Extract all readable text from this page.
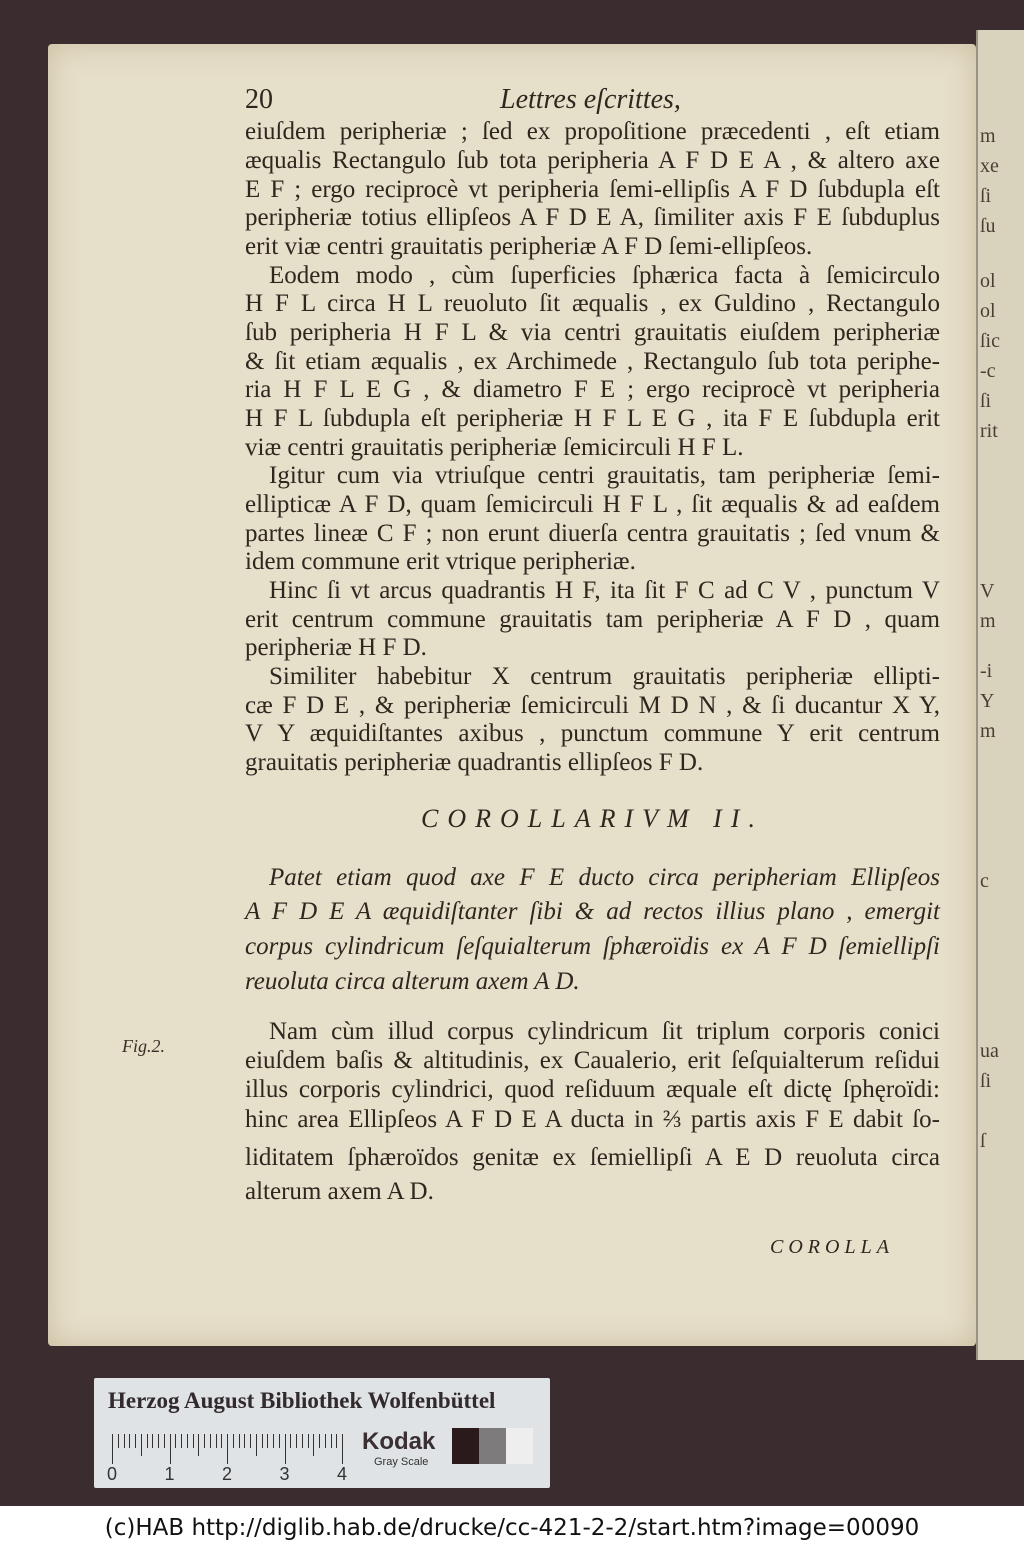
m
xe
ſi
ſu
ol
ol
ſic
-c
ſi
rit
V
m
-i
Y
m
c
ua
ſi
ſ
20	Lettres eſcrittes,
eiuſdem peripheriæ ; ſed ex propoſitione præcedenti , eſt etiam
æqualis Rectangulo ſub tota peripheria A F D E A , & altero axe
E F ; ergo reciprocè vt peripheria ſemi-ellipſis A F D ſubdupla eſt
peripheriæ totius ellipſeos A F D E A, ſimiliter axis F E ſubduplus
erit viæ centri grauitatis peripheriæ A F D ſemi-ellipſeos.
Eodem modo , cùm ſuperficies ſphærica facta à ſemicirculo
H F L circa H L reuoluto ſit æqualis , ex Guldino , Rectangulo
ſub peripheria H F L & via centri grauitatis eiuſdem peripheriæ
& ſit etiam æqualis , ex Archimede , Rectangulo ſub tota periphe-
ria H F L E G , & diametro F E ; ergo reciprocè vt peripheria
H F L ſubdupla eſt peripheriæ H F L E G , ita F E ſubdupla erit
viæ centri grauitatis peripheriæ ſemicirculi H F L.
Igitur cum via vtriuſque centri grauitatis, tam peripheriæ ſemi-
ellipticæ A F D, quam ſemicirculi H F L , ſit æqualis & ad eaſdem
partes lineæ C F ; non erunt diuerſa centra grauitatis ; ſed vnum &
idem commune erit vtrique peripheriæ.
Hinc ſi vt arcus quadrantis H F, ita ſit F C ad C V , punctum V
erit centrum commune grauitatis tam peripheriæ A F D , quam
peripheriæ H F D.
Similiter habebitur X centrum grauitatis peripheriæ ellipti-
cæ F D E , & peripheriæ ſemicirculi M D N , & ſi ducantur X Y,
V Y æquidiſtantes axibus , punctum commune Y erit centrum
grauitatis peripheriæ quadrantis ellipſeos F D.
COROLLARIVM II.
Patet etiam quod axe F E ducto circa peripheriam Ellipſeos
A F D E A æquidiſtanter ſibi & ad rectos illius plano , emergit
corpus cylindricum ſeſquialterum ſphæroïdis ex A F D ſemiellipſi
reuoluta circa alterum axem A D.
Nam cùm illud corpus cylindricum ſit triplum corporis conici
eiuſdem baſis & altitudinis, ex Caualerio, erit ſeſquialterum reſidui
illus corporis cylindrici, quod reſiduum æquale eſt dictę ſphęroïdi:
hinc area Ellipſeos A F D E A ducta in ⅔ partis axis F E dabit ſo-
liditatem ſphæroïdos genitæ ex ſemiellipſi A E D reuoluta circa
alterum axem A D.
Fig.2.
COROLLA
Herzog August Bibliothek Wolfenbüttel
0	1	2	3	4
Kodak
Gray Scale
(c)HAB http://diglib.hab.de/drucke/cc-421-2-2/start.htm?image=00090
